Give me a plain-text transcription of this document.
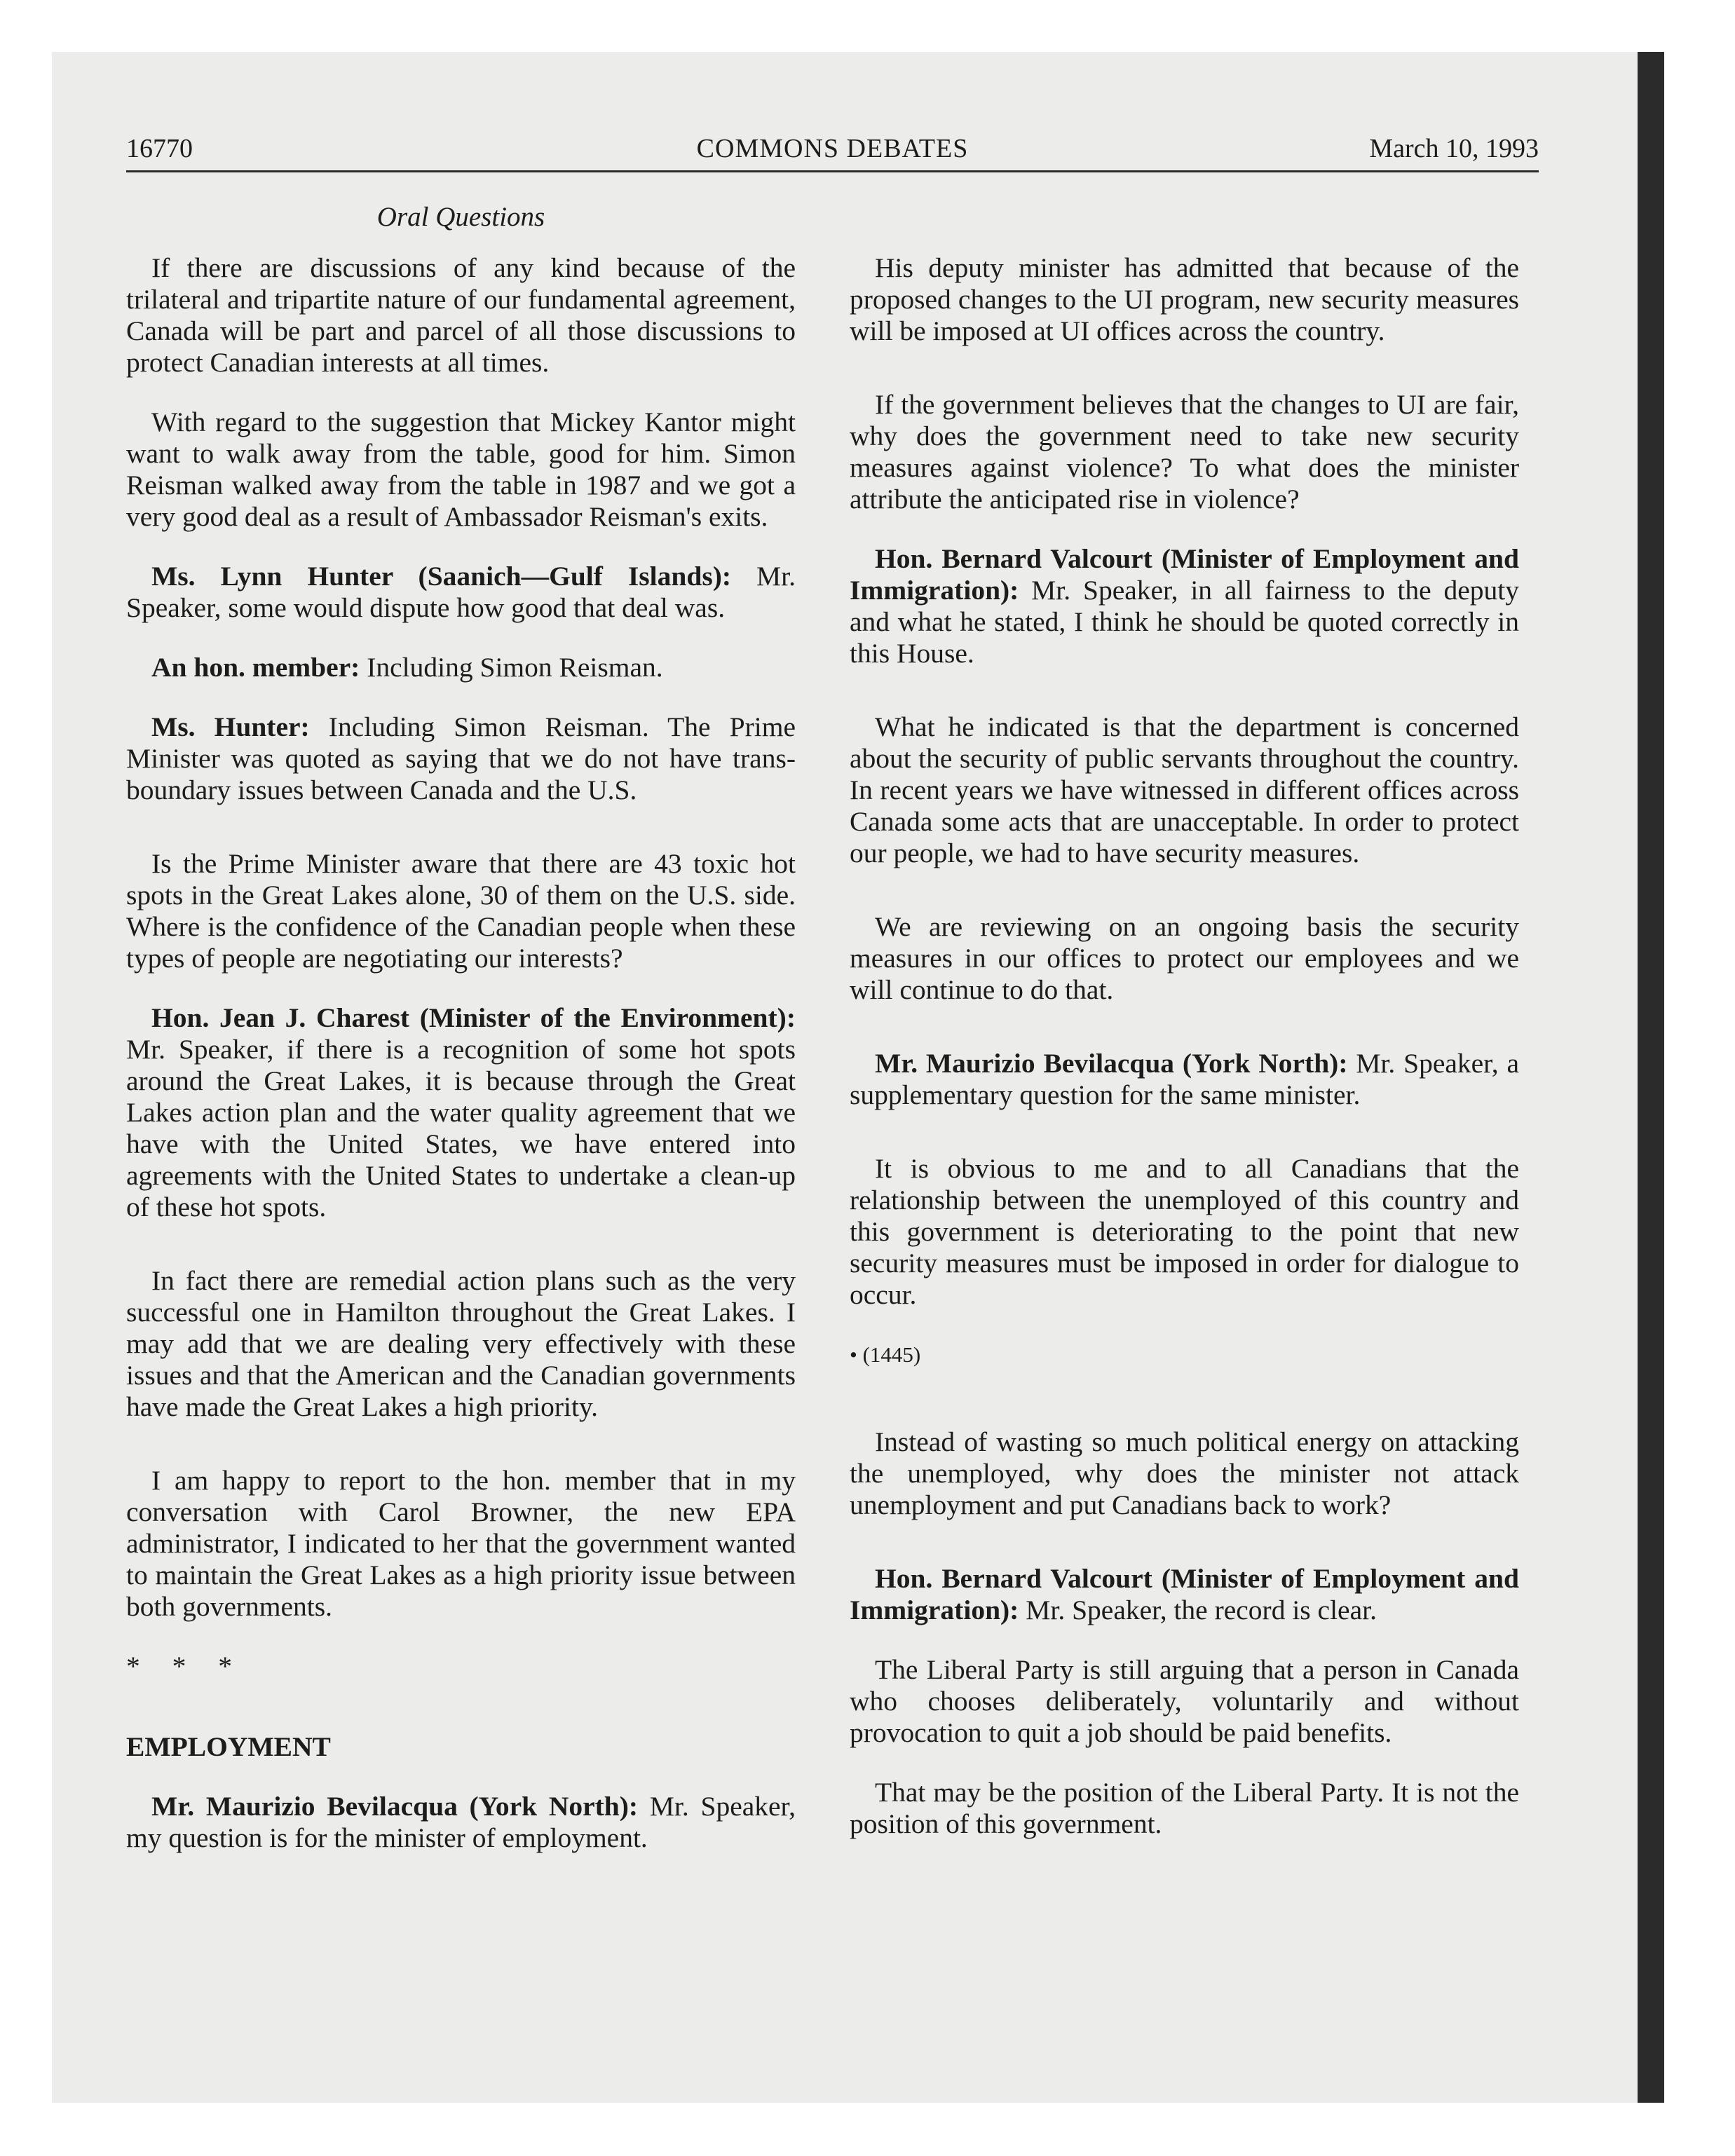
16770	COMMONS DEBATES	March 10, 1993
Oral Questions

If there are discussions of any kind because of the trilateral and tripartite nature of our fundamental agreement, Canada will be part and parcel of all those discussions to protect Canadian interests at all times.

With regard to the suggestion that Mickey Kantor might want to walk away from the table, good for him. Simon Reisman walked away from the table in 1987 and we got a very good deal as a result of Ambassador Reisman's exits.

Ms. Lynn Hunter (Saanich—Gulf Islands): Mr. Speaker, some would dispute how good that deal was.

An hon. member: Including Simon Reisman.

Ms. Hunter: Including Simon Reisman. The Prime Minister was quoted as saying that we do not have trans-boundary issues between Canada and the U.S.

Is the Prime Minister aware that there are 43 toxic hot spots in the Great Lakes alone, 30 of them on the U.S. side. Where is the confidence of the Canadian people when these types of people are negotiating our interests?

Hon. Jean J. Charest (Minister of the Environment): Mr. Speaker, if there is a recognition of some hot spots around the Great Lakes, it is because through the Great Lakes action plan and the water quality agreement that we have with the United States, we have entered into agreements with the United States to undertake a clean-up of these hot spots.

In fact there are remedial action plans such as the very successful one in Hamilton throughout the Great Lakes. I may add that we are dealing very effectively with these issues and that the American and the Canadian governments have made the Great Lakes a high priority.

I am happy to report to the hon. member that in my conversation with Carol Browner, the new EPA administrator, I indicated to her that the government wanted to maintain the Great Lakes as a high priority issue between both governments.

* * *

EMPLOYMENT

Mr. Maurizio Bevilacqua (York North): Mr. Speaker, my question is for the minister of employment.

His deputy minister has admitted that because of the proposed changes to the UI program, new security measures will be imposed at UI offices across the country.

If the government believes that the changes to UI are fair, why does the government need to take new security measures against violence? To what does the minister attribute the anticipated rise in violence?

Hon. Bernard Valcourt (Minister of Employment and Immigration): Mr. Speaker, in all fairness to the deputy and what he stated, I think he should be quoted correctly in this House.

What he indicated is that the department is concerned about the security of public servants throughout the country. In recent years we have witnessed in different offices across Canada some acts that are unacceptable. In order to protect our people, we had to have security measures.

We are reviewing on an ongoing basis the security measures in our offices to protect our employees and we will continue to do that.

Mr. Maurizio Bevilacqua (York North): Mr. Speaker, a supplementary question for the same minister.

It is obvious to me and to all Canadians that the relationship between the unemployed of this country and this government is deteriorating to the point that new security measures must be imposed in order for dialogue to occur.

• (1445)

Instead of wasting so much political energy on attacking the unemployed, why does the minister not attack unemployment and put Canadians back to work?

Hon. Bernard Valcourt (Minister of Employment and Immigration): Mr. Speaker, the record is clear.

The Liberal Party is still arguing that a person in Canada who chooses deliberately, voluntarily and without provocation to quit a job should be paid benefits.

That may be the position of the Liberal Party. It is not the position of this government.
